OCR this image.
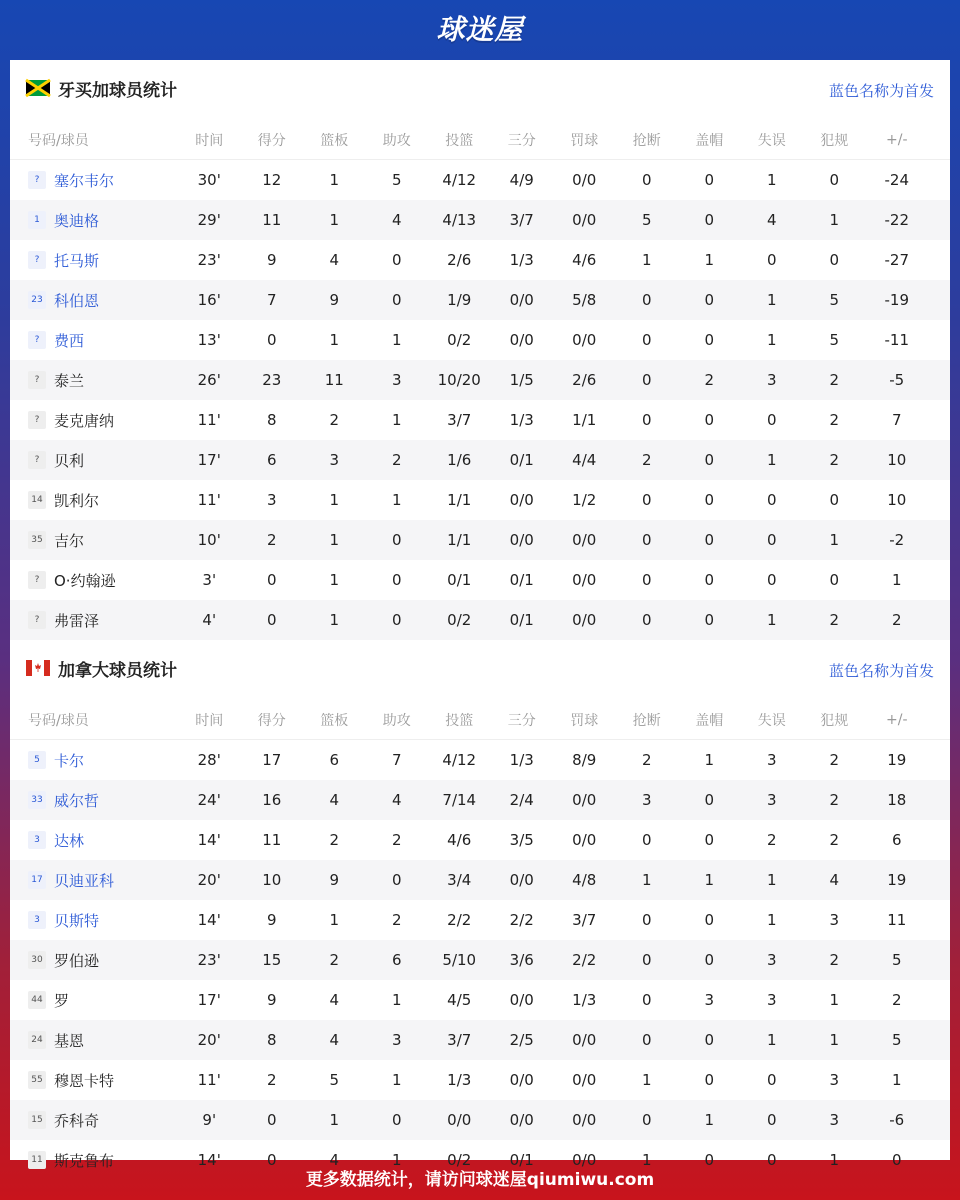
球迷屋
牙买加球员统计	蓝色名称为首发
号码/球员	时间	得分	篮板	助攻	投篮	三分	罚球	抢断	盖帽	失误	犯规	+/-
? 塞尔韦尔	30'	12	1	5	4/12	4/9	0/0	0	0	1	0	-24
1 奥迪格	29'	11	1	4	4/13	3/7	0/0	5	0	4	1	-22
? 托马斯	23'	9	4	0	2/6	1/3	4/6	1	1	0	0	-27
23 科伯恩	16'	7	9	0	1/9	0/0	5/8	0	0	1	5	-19
? 费西	13'	0	1	1	0/2	0/0	0/0	0	0	1	5	-11
? 泰兰	26'	23	11	3	10/20	1/5	2/6	0	2	3	2	-5
? 麦克唐纳	11'	8	2	1	3/7	1/3	1/1	0	0	0	2	7
? 贝利	17'	6	3	2	1/6	0/1	4/4	2	0	1	2	10
14 凯利尔	11'	3	1	1	1/1	0/0	1/2	0	0	0	0	10
35 吉尔	10'	2	1	0	1/1	0/0	0/0	0	0	0	1	-2
? O·约翰逊	3'	0	1	0	0/1	0/1	0/0	0	0	0	0	1
? 弗雷泽	4'	0	1	0	0/2	0/1	0/0	0	0	1	2	2
加拿大球员统计	蓝色名称为首发
号码/球员	时间	得分	篮板	助攻	投篮	三分	罚球	抢断	盖帽	失误	犯规	+/-
5 卡尔	28'	17	6	7	4/12	1/3	8/9	2	1	3	2	19
33 威尔哲	24'	16	4	4	7/14	2/4	0/0	3	0	3	2	18
3 达林	14'	11	2	2	4/6	3/5	0/0	0	0	2	2	6
17 贝迪亚科	20'	10	9	0	3/4	0/0	4/8	1	1	1	4	19
3 贝斯特	14'	9	1	2	2/2	2/2	3/7	0	0	1	3	11
30 罗伯逊	23'	15	2	6	5/10	3/6	2/2	0	0	3	2	5
44 罗	17'	9	4	1	4/5	0/0	1/3	0	3	3	1	2
24 基恩	20'	8	4	3	3/7	2/5	0/0	0	0	1	1	5
55 穆恩卡特	11'	2	5	1	1/3	0/0	0/0	1	0	0	3	1
15 乔科奇	9'	0	1	0	0/0	0/0	0/0	0	1	0	3	-6
11 斯克鲁布	14'	0	4	1	0/2	0/1	0/0	1	0	0	1	0
更多数据统计，请访问球迷屋qiumiwu.com
